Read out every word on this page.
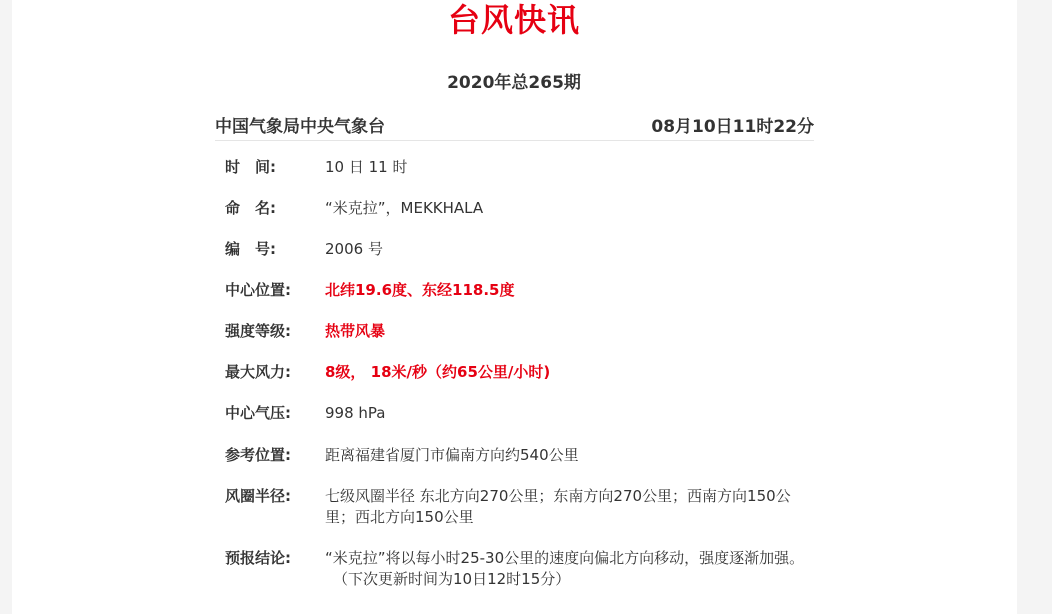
台风快讯
2020年总265期
中国气象局中央气象台	08月10日11时22分
时　间:	10 日 11 时
命　名:	“米克拉”，MEKKHALA
编　号:	2006 号
中心位置:	北纬19.6度、东经118.5度
强度等级:	热带风暴
最大风力:	8级， 18米/秒（约65公里/小时)
中心气压:	998 hPa
参考位置:	距离福建省厦门市偏南方向约540公里
风圈半径:	七级风圈半径 东北方向270公里；东南方向270公里；西南方向150公里；西北方向150公里
预报结论:	“米克拉”将以每小时25-30公里的速度向偏北方向移动，强度逐渐加强。
（下次更新时间为10日12时15分）
